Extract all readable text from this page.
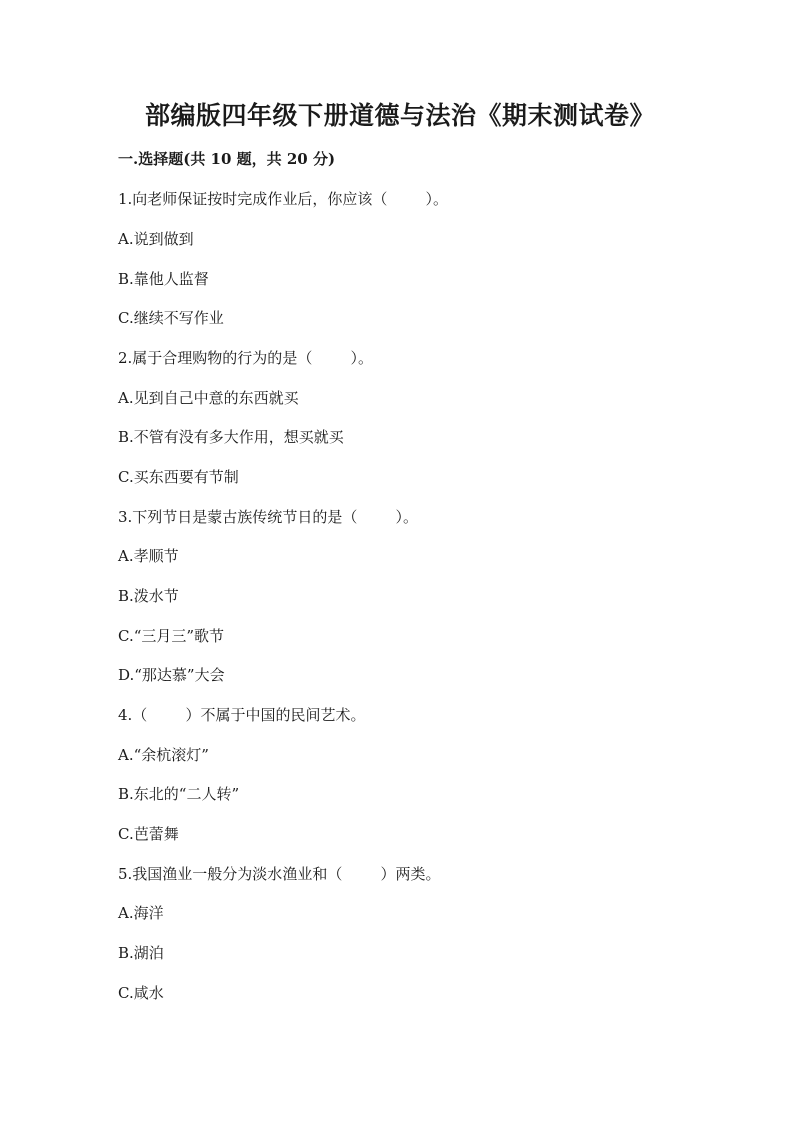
部编版四年级下册道德与法治《期末测试卷》
一.选择题(共 10 题，共 20 分)
1.向老师保证按时完成作业后，你应该（        ）。
A.说到做到
B.靠他人监督
C.继续不写作业
2.属于合理购物的行为的是（        ）。
A.见到自己中意的东西就买
B.不管有没有多大作用，想买就买
C.买东西要有节制
3.下列节日是蒙古族传统节日的是（        ）。
A.孝顺节
B.泼水节
C.“三月三”歌节
D.“那达慕”大会
4.（        ）不属于中国的民间艺术。
A.“余杭滚灯”
B.东北的“二人转”
C.芭蕾舞
5.我国渔业一般分为淡水渔业和（        ）两类。
A.海洋
B.湖泊
C.咸水
